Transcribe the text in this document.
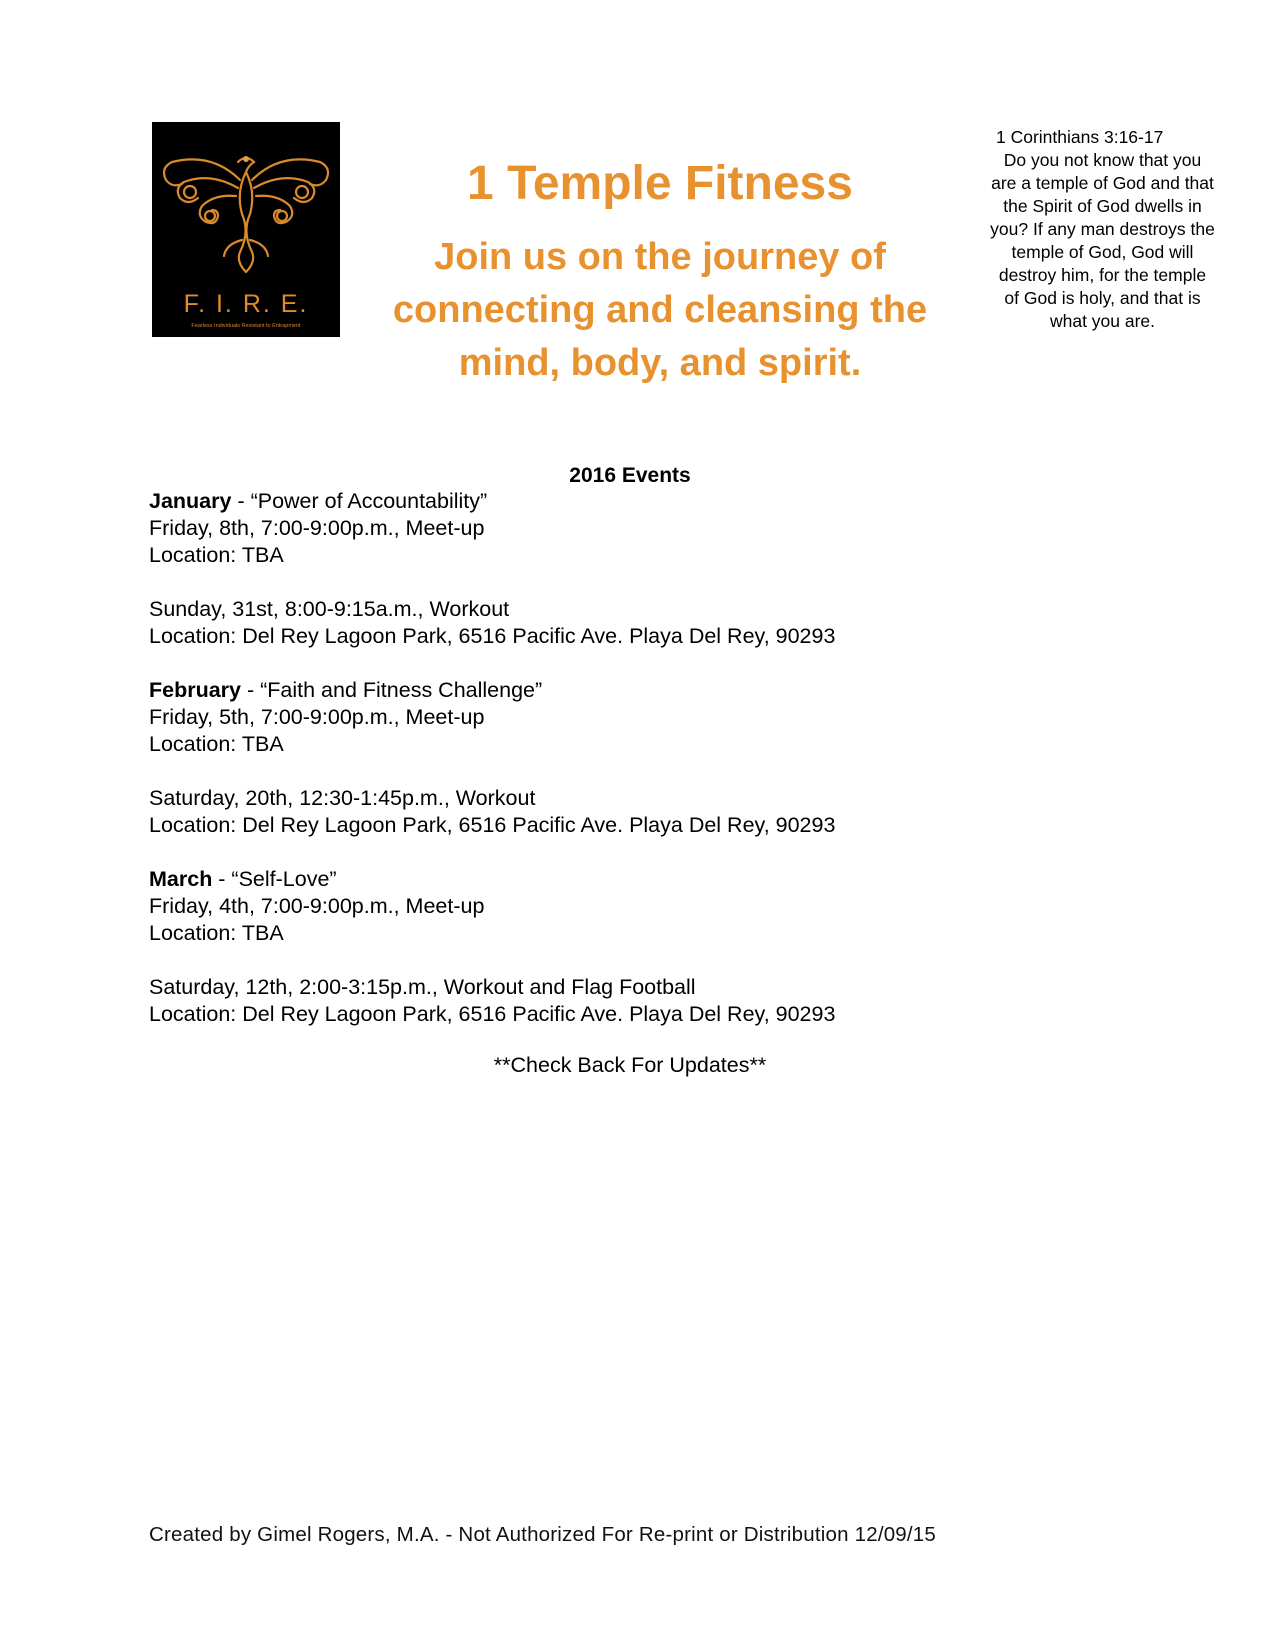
F. I. R. E.
Fearless Individuals Resistant to Entrapment
1 Temple Fitness

Join us on the journey of connecting and cleansing the mind, body, and spirit.

1 Corinthians 3:16-17
Do you not know that you are a temple of God and that the Spirit of God dwells in you? If any man destroys the temple of God, God will destroy him, for the temple of God is holy, and that is what you are.
2016 Events
January - “Power of Accountability”
Friday, 8th, 7:00-9:00p.m., Meet-up
Location: TBA
Sunday, 31st, 8:00-9:15a.m., Workout
Location: Del Rey Lagoon Park, 6516 Pacific Ave. Playa Del Rey, 90293
February - “Faith and Fitness Challenge”
Friday, 5th, 7:00-9:00p.m., Meet-up
Location: TBA
Saturday, 20th, 12:30-1:45p.m., Workout
Location: Del Rey Lagoon Park, 6516 Pacific Ave. Playa Del Rey, 90293
March - “Self-Love”
Friday, 4th, 7:00-9:00p.m., Meet-up
Location: TBA
Saturday, 12th, 2:00-3:15p.m., Workout and Flag Football
Location: Del Rey Lagoon Park, 6516 Pacific Ave. Playa Del Rey, 90293
**Check Back For Updates**
Created by Gimel Rogers, M.A. - Not Authorized For Re-print or Distribution 12/09/15
